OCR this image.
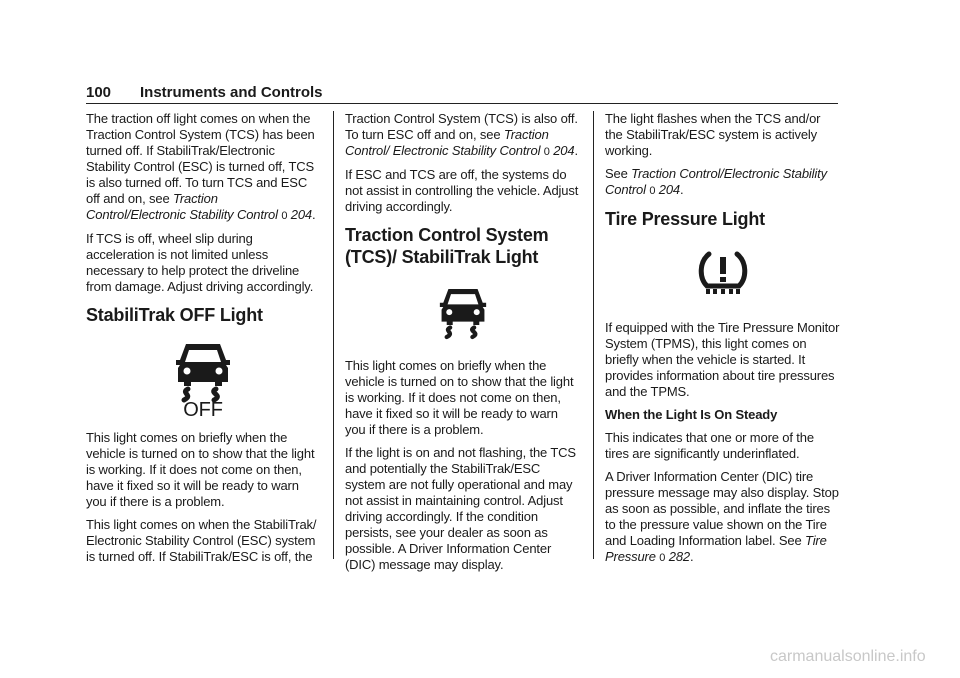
100 Instruments and Controls

The traction off light comes on when the Traction Control System (TCS) has been turned off. If StabiliTrak/Electronic Stability Control (ESC) is turned off, TCS is also turned off. To turn TCS and ESC off and on, see Traction Control/Electronic Stability Control 0 204.

If TCS is off, wheel slip during acceleration is not limited unless necessary to help protect the driveline from damage. Adjust driving accordingly.

StabiliTrak OFF Light
OFF

This light comes on briefly when the vehicle is turned on to show that the light is working. If it does not come on then, have it fixed so it will be ready to warn you if there is a problem.

This light comes on when the StabiliTrak/ Electronic Stability Control (ESC) system is turned off. If StabiliTrak/ESC is off, the

Traction Control System (TCS) is also off. To turn ESC off and on, see Traction Control/ Electronic Stability Control 0 204.

If ESC and TCS are off, the systems do not assist in controlling the vehicle. Adjust driving accordingly.

Traction Control System (TCS)/ StabiliTrak Light

This light comes on briefly when the vehicle is turned on to show that the light is working. If it does not come on then, have it fixed so it will be ready to warn you if there is a problem.

If the light is on and not flashing, the TCS and potentially the StabiliTrak/ESC system are not fully operational and may not assist in maintaining control. Adjust driving accordingly. If the condition persists, see your dealer as soon as possible. A Driver Information Center (DIC) message may display.

The light flashes when the TCS and/or the StabiliTrak/ESC system is actively working.

See Traction Control/Electronic Stability Control 0 204.

Tire Pressure Light

If equipped with the Tire Pressure Monitor System (TPMS), this light comes on briefly when the vehicle is started. It provides information about tire pressures and the TPMS.

When the Light Is On Steady

This indicates that one or more of the tires are significantly underinflated.

A Driver Information Center (DIC) tire pressure message may also display. Stop as soon as possible, and inflate the tires to the pressure value shown on the Tire and Loading Information label. See Tire Pressure 0 282.

carmanualsonline.info
